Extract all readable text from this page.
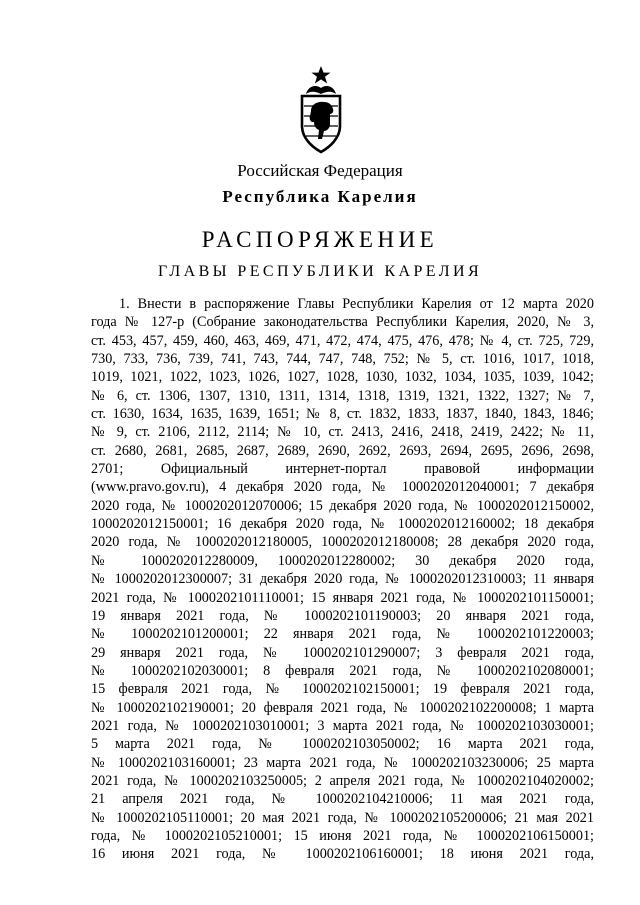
Российская Федерация
Республика Карелия
РАСПОРЯЖЕНИЕ
ГЛАВЫ РЕСПУБЛИКИ КАРЕЛИЯ
1. Внести в распоряжение Главы Республики Карелия от 12 марта 2020
года № 127-р (Собрание законодательства Республики Карелия, 2020, № 3,
ст. 453, 457, 459, 460, 463, 469, 471, 472, 474, 475, 476, 478; № 4, ст. 725, 729,
730, 733, 736, 739, 741, 743, 744, 747, 748, 752; № 5, ст. 1016, 1017, 1018,
1019, 1021, 1022, 1023, 1026, 1027, 1028, 1030, 1032, 1034, 1035, 1039, 1042;
№ 6, ст. 1306, 1307, 1310, 1311, 1314, 1318, 1319, 1321, 1322, 1327; № 7,
ст. 1630, 1634, 1635, 1639, 1651; № 8, ст. 1832, 1833, 1837, 1840, 1843, 1846;
№ 9, ст. 2106, 2112, 2114; № 10, ст. 2413, 2416, 2418, 2419, 2422; № 11,
ст. 2680, 2681, 2685, 2687, 2689, 2690, 2692, 2693, 2694, 2695, 2696, 2698,
2701; Официальный интернет-портал правовой информации
(www.pravo.gov.ru), 4 декабря 2020 года, № 1000202012040001; 7 декабря
2020 года, № 1000202012070006; 15 декабря 2020 года, № 1000202012150002,
1000202012150001; 16 декабря 2020 года, № 1000202012160002; 18 декабря
2020 года, № 1000202012180005, 1000202012180008; 28 декабря 2020 года,
№ 1000202012280009, 1000202012280002; 30 декабря 2020 года,
№ 1000202012300007; 31 декабря 2020 года, № 1000202012310003; 11 января
2021 года, № 1000202101110001; 15 января 2021 года, № 1000202101150001;
19 января 2021 года, № 1000202101190003; 20 января 2021 года,
№ 1000202101200001; 22 января 2021 года, № 1000202101220003;
29 января 2021 года, № 1000202101290007; 3 февраля 2021 года,
№ 1000202102030001; 8 февраля 2021 года, № 1000202102080001;
15 февраля 2021 года, № 1000202102150001; 19 февраля 2021 года,
№ 1000202102190001; 20 февраля 2021 года, № 1000202102200008; 1 марта
2021 года, № 1000202103010001; 3 марта 2021 года, № 1000202103030001;
5 марта 2021 года, № 1000202103050002; 16 марта 2021 года,
№ 1000202103160001; 23 марта 2021 года, № 1000202103230006; 25 марта
2021 года, № 1000202103250005; 2 апреля 2021 года, № 1000202104020002;
21 апреля 2021 года, № 1000202104210006; 11 мая 2021 года,
№ 1000202105110001; 20 мая 2021 года, № 1000202105200006; 21 мая 2021
года, № 1000202105210001; 15 июня 2021 года, № 1000202106150001;
16 июня 2021 года, № 1000202106160001; 18 июня 2021 года,
